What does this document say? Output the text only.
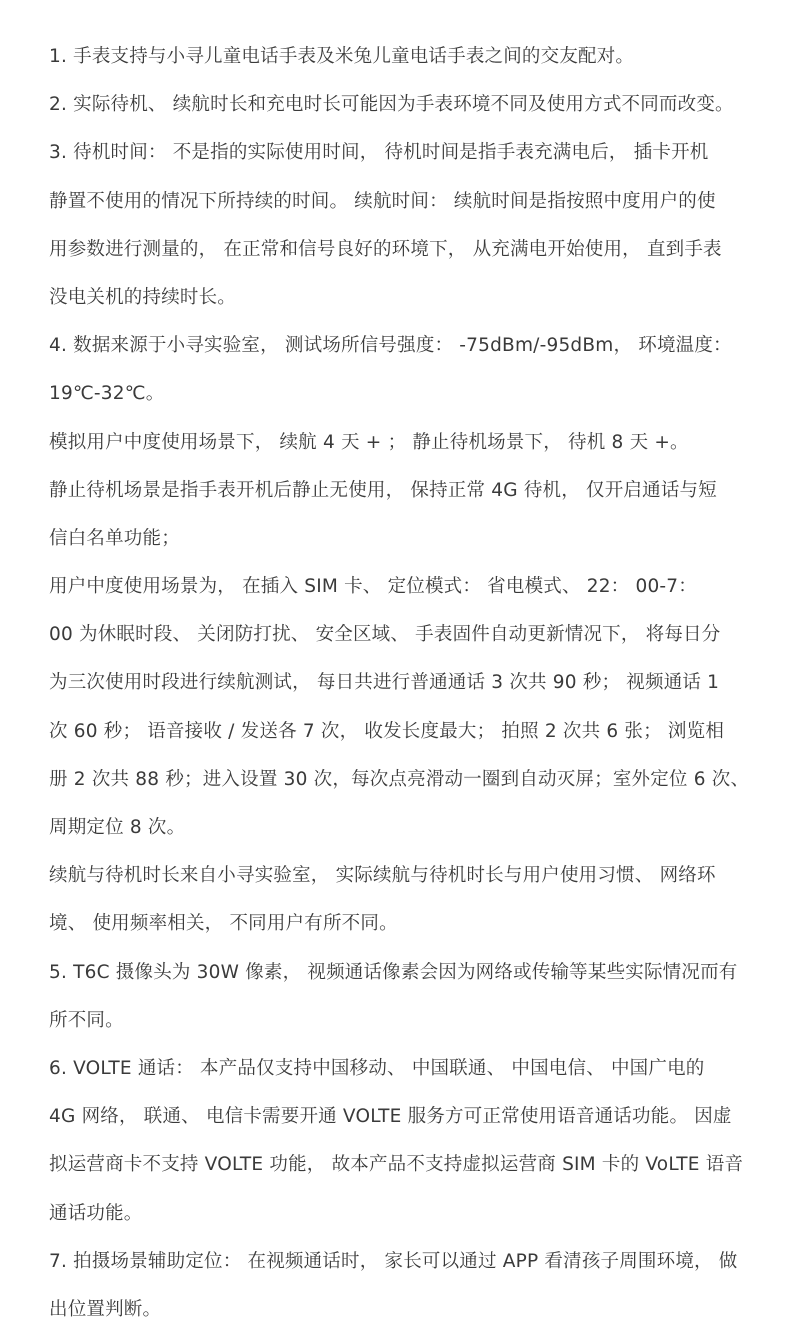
1. 手表支持与小寻儿童电话手表及米兔儿童电话手表之间的交友配对。
2. 实际待机、 续航时长和充电时长可能因为手表环境不同及使用方式不同而改变。
3. 待机时间： 不是指的实际使用时间， 待机时间是指手表充满电后， 插卡开机
静置不使用的情况下所持续的时间。 续航时间： 续航时间是指按照中度用户的使
用参数进行测量的， 在正常和信号良好的环境下， 从充满电开始使用， 直到手表
没电关机的持续时长。
4. 数据来源于小寻实验室， 测试场所信号强度： -75dBm/-95dBm， 环境温度：
19℃-32℃。
模拟用户中度使用场景下， 续航 4 天 + ； 静止待机场景下， 待机 8 天 +。
静止待机场景是指手表开机后静止无使用， 保持正常 4G 待机， 仅开启通话与短
信白名单功能；
用户中度使用场景为， 在插入 SIM 卡、 定位模式： 省电模式、 22： 00-7：
00 为休眠时段、 关闭防打扰、 安全区域、 手表固件自动更新情况下， 将每日分
为三次使用时段进行续航测试， 每日共进行普通通话 3 次共 90 秒； 视频通话 1
次 60 秒； 语音接收 / 发送各 7 次， 收发长度最大； 拍照 2 次共 6 张； 浏览相
册 2 次共 88 秒；进入设置 30 次，每次点亮滑动一圈到自动灭屏；室外定位 6 次、
周期定位 8 次。
续航与待机时长来自小寻实验室， 实际续航与待机时长与用户使用习惯、 网络环
境、 使用频率相关， 不同用户有所不同。
5. T6C 摄像头为 30W 像素， 视频通话像素会因为网络或传输等某些实际情况而有
所不同。
6. VOLTE 通话： 本产品仅支持中国移动、 中国联通、 中国电信、 中国广电的
4G 网络， 联通、 电信卡需要开通 VOLTE 服务方可正常使用语音通话功能。 因虚
拟运营商卡不支持 VOLTE 功能， 故本产品不支持虚拟运营商 SIM 卡的 VoLTE 语音
通话功能。
7. 拍摄场景辅助定位： 在视频通话时， 家长可以通过 APP 看清孩子周围环境， 做
出位置判断。
